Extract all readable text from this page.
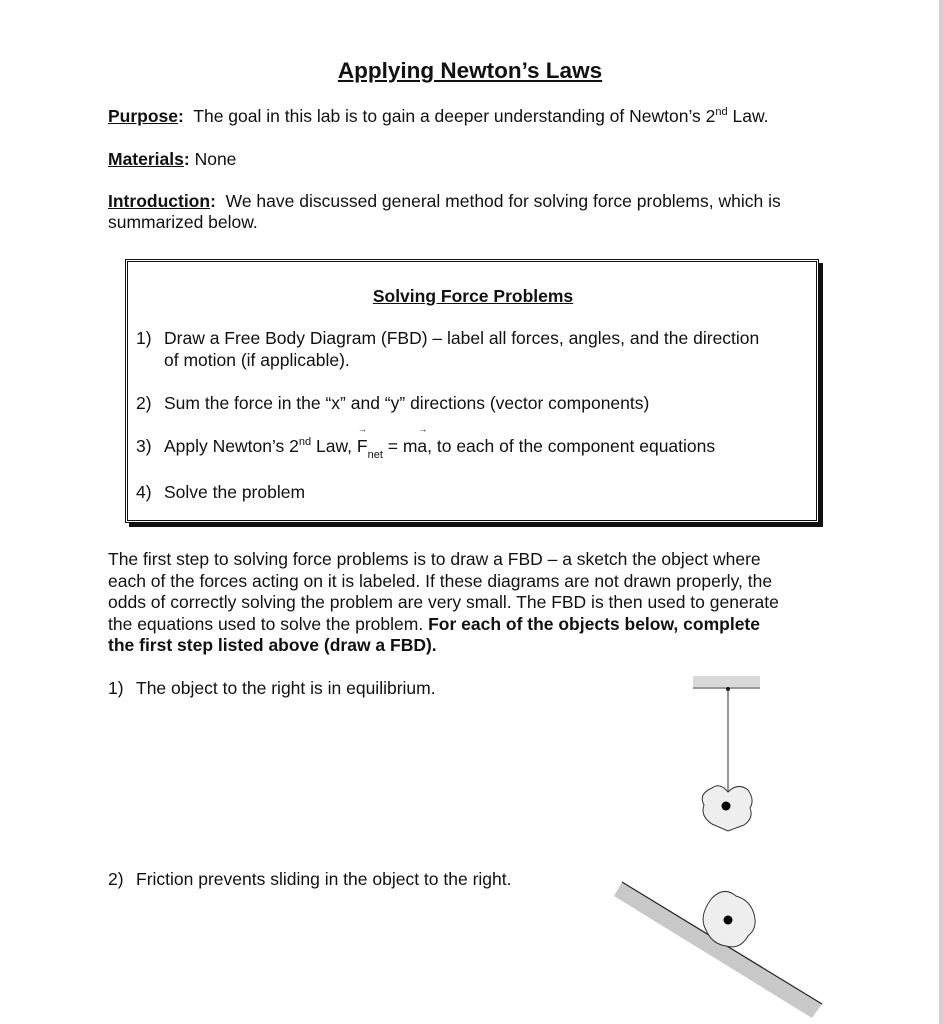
Applying Newton’s Laws
Purpose: The goal in this lab is to gain a deeper understanding of Newton’s 2nd Law.
Materials: None
Introduction: We have discussed general method for solving force problems, which is
summarized below.
Solving Force Problems
1) Draw a Free Body Diagram (FBD) – label all forces, angles, and the direction
of motion (if applicable).
2) Sum the force in the “x” and “y” directions (vector components)
3) Apply Newton’s 2nd Law, → $F_{net} = m\to a$, to each of the component equations
4) Solve the problem
The first step to solving force problems is to draw a FBD – a sketch the object where
each of the forces acting on it is labeled. If these diagrams are not drawn properly, the
odds of correctly solving the problem are very small. The FBD is then used to generate
the equations used to solve the problem. For each of the objects below, complete
the first step listed above (draw a FBD).
1) The object to the right is in equilibrium.
2) Friction prevents sliding in the object to the right.
